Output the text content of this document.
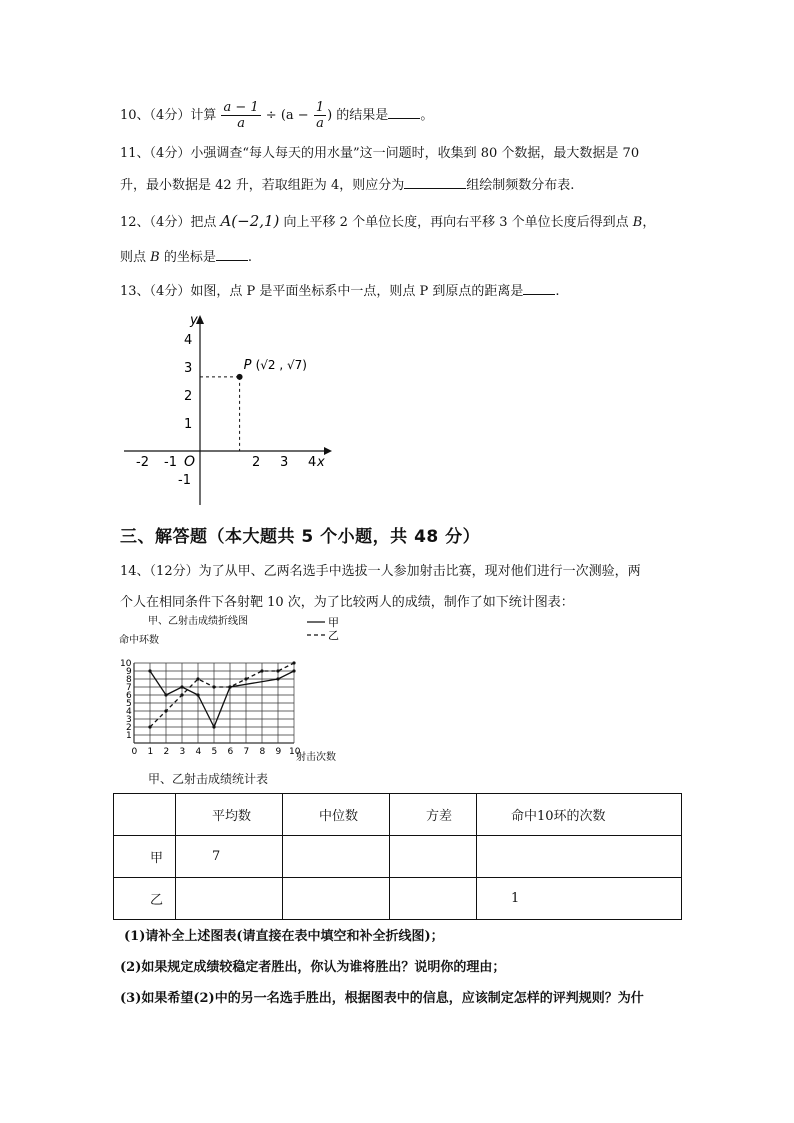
10、（4分）计算 $\frac{a - 1}{a} \div (a - \frac{1}{a}$ ) 的结果是 。
11、（4分）小强调查“每人每天的用水量”这一问题时，收集到 80 个数据，最大数据是 70
升，最小数据是 42 升，若取组距为 4，则应分为	组绘制频数分布表.
12、（4分）把点 A(−2,1) 向上平移 2 个单位长度，再向右平移 3 个单位长度后得到点 B，
则点 B 的坐标是 .
13、（4分）如图，点 P 是平面坐标系中一点，则点 P 到原点的距离是 .
x
y
O
-2 -1	2 3 4
4
3
2
1
-1
P (√2 , √7)
三、解答题（本大题共 5 个小题，共 48 分）
14、（12分）为了从甲、乙两名选手中选拔一人参加射击比赛，现对他们进行一次测验，两
个人在相同条件下各射靶 10 次，为了比较两人的成绩，制作了如下统计图表：
甲、乙射击成绩折线图
命中环数
射击次数
0 1 2 3 4 5 6 7 8 9 10
1
2
3
4
5
6
7
8
9
10
甲
乙
甲、乙射击成绩统计表
	平均数	中位数	方差	命中10环的次数
甲	7			
乙				1
(1)请补全上述图表(请直接在表中填空和补全折线图)；
(2)如果规定成绩较稳定者胜出，你认为谁将胜出？说明你的理由；
(3)如果希望(2)中的另一名选手胜出，根据图表中的信息，应该制定怎样的评判规则？为什
